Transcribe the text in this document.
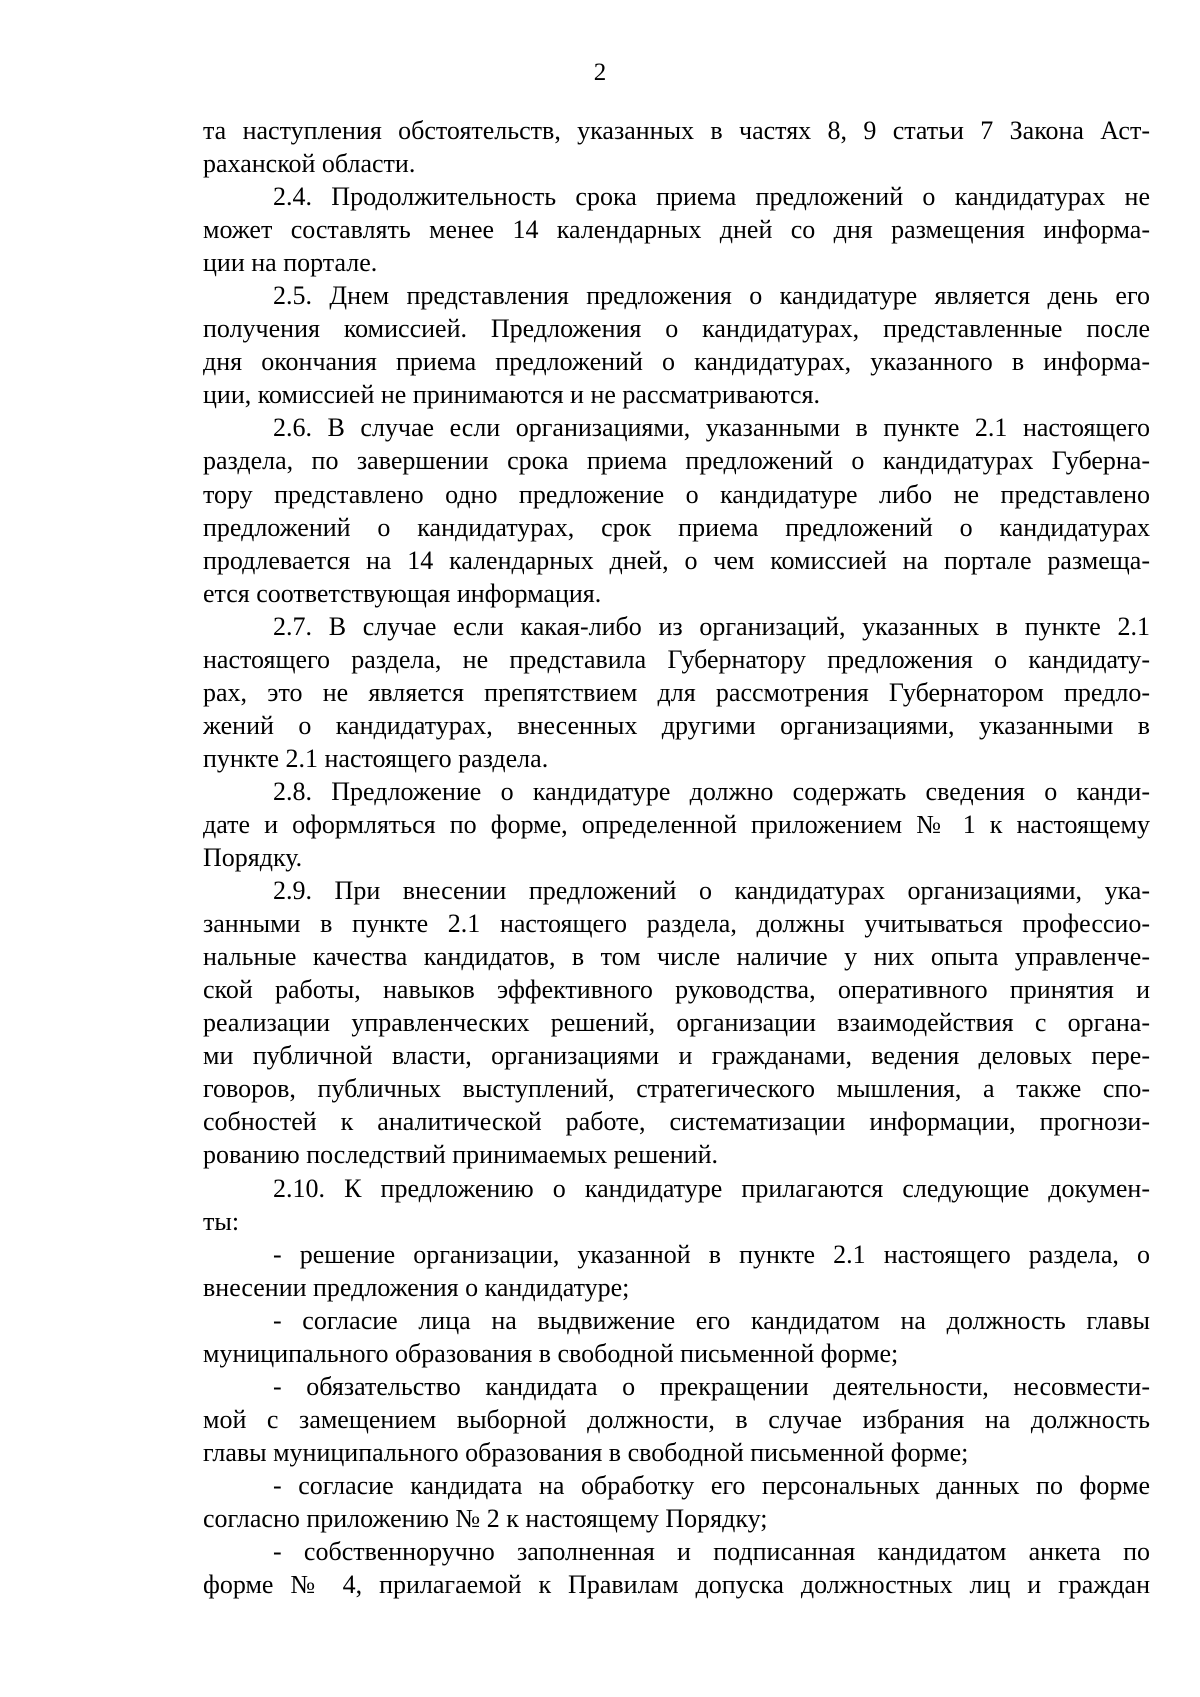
2
та наступления обстоятельств, указанных в частях 8, 9 статьи 7 Закона Аст-
раханской области.
2.4. Продолжительность срока приема предложений о кандидатурах не
может составлять менее 14 календарных дней со дня размещения информа-
ции на портале.
2.5. Днем представления предложения о кандидатуре является день его
получения комиссией. Предложения о кандидатурах, представленные после
дня окончания приема предложений о кандидатурах, указанного в информа-
ции, комиссией не принимаются и не рассматриваются.
2.6. В случае если организациями, указанными в пункте 2.1 настоящего
раздела, по завершении срока приема предложений о кандидатурах Губерна-
тору представлено одно предложение о кандидатуре либо не представлено
предложений о кандидатурах, срок приема предложений о кандидатурах
продлевается на 14 календарных дней, о чем комиссией на портале размеща-
ется соответствующая информация.
2.7. В случае если какая-либо из организаций, указанных в пункте 2.1
настоящего раздела, не представила Губернатору предложения о кандидату-
рах, это не является препятствием для рассмотрения Губернатором предло-
жений о кандидатурах, внесенных другими организациями, указанными в
пункте 2.1 настоящего раздела.
2.8. Предложение о кандидатуре должно содержать сведения о канди-
дате и оформляться по форме, определенной приложением № 1 к настоящему
Порядку.
2.9. При внесении предложений о кандидатурах организациями, ука-
занными в пункте 2.1 настоящего раздела, должны учитываться профессио-
нальные качества кандидатов, в том числе наличие у них опыта управленче-
ской работы, навыков эффективного руководства, оперативного принятия и
реализации управленческих решений, организации взаимодействия с органа-
ми публичной власти, организациями и гражданами, ведения деловых пере-
говоров, публичных выступлений, стратегического мышления, а также спо-
собностей к аналитической работе, систематизации информации, прогнози-
рованию последствий принимаемых решений.
2.10. К предложению о кандидатуре прилагаются следующие докумен-
ты:
- решение организации, указанной в пункте 2.1 настоящего раздела, о
внесении предложения о кандидатуре;
- согласие лица на выдвижение его кандидатом на должность главы
муниципального образования в свободной письменной форме;
- обязательство кандидата о прекращении деятельности, несовмести-
мой с замещением выборной должности, в случае избрания на должность
главы муниципального образования в свободной письменной форме;
- согласие кандидата на обработку его персональных данных по форме
согласно приложению № 2 к настоящему Порядку;
- собственноручно заполненная и подписанная кандидатом анкета по
форме № 4, прилагаемой к Правилам допуска должностных лиц и граждан
